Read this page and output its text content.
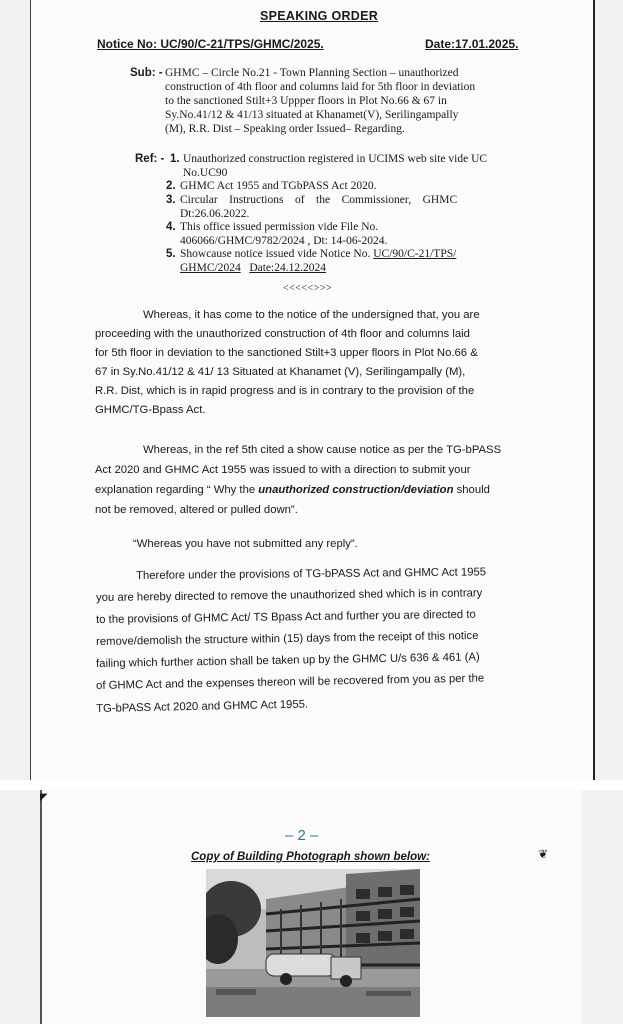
SPEAKING ORDER
Notice No: UC/90/C-21/TPS/GHMC/2025.	Date:17.01.2025.
Sub: - GHMC – Circle No.21 - Town Planning Section – unauthorized
construction of 4th floor and columns laid for 5th floor in deviation
to the sanctioned Stilt+3 Uppper floors in Plot No.66 & 67 in
Sy.No.41/12 & 41/13 situated at Khanamet(V), Serilingampally
(M), R.R. Dist – Speaking order Issued– Regarding.
Ref: - 1. Unauthorized construction registered in UCIMS web site vide UC
No.UC90
2. GHMC Act 1955 and TGbPASS Act 2020.
3. Circular    Instructions    of    the    Commissioner,    GHMC
Dt:26.06.2022.
4. This office issued permission vide File No.
406066/GHMC/9782/2024 , Dt: 14-06-2024.
5. Showcause notice issued vide Notice No. UC/90/C-21/TPS/
GHMC/2024 Date:24.12.2024
<<<<<>>>
Whereas, it has come to the notice of the undersigned that, you are
proceeding with the unauthorized construction of 4th floor and columns laid
for 5th floor in deviation to the sanctioned Stilt+3 upper floors in Plot No.66 &
67 in Sy.No.41/12 & 41/ 13 Situated at Khanamet (V), Serilingampally (M),
R.R. Dist, which is in rapid progress and is in contrary to the provision of the
GHMC/TG-Bpass Act.
Whereas, in the ref 5th cited a show cause notice as per the TG-bPASS
Act 2020 and GHMC Act 1955 was issued to with a direction to submit your
explanation regarding “ Why the unauthorized construction/deviation should
not be removed, altered or pulled down”.
“Whereas you have not submitted any reply”.
Therefore under the provisions of TG-bPASS Act and GHMC Act 1955
you are hereby directed to remove the unauthorized shed which is in contrary
to the provisions of GHMC Act/ TS Bpass Act and further you are directed to
remove/demolish the structure within (15) days from the receipt of this notice
failing which further action shall be taken up by the GHMC U/s 636 & 461 (A)
of GHMC Act and the expenses thereon will be recovered from you as per the
TG-bPASS Act 2020 and GHMC Act 1955.
– 2 –
Copy of Building Photograph shown below:	❦
◤
